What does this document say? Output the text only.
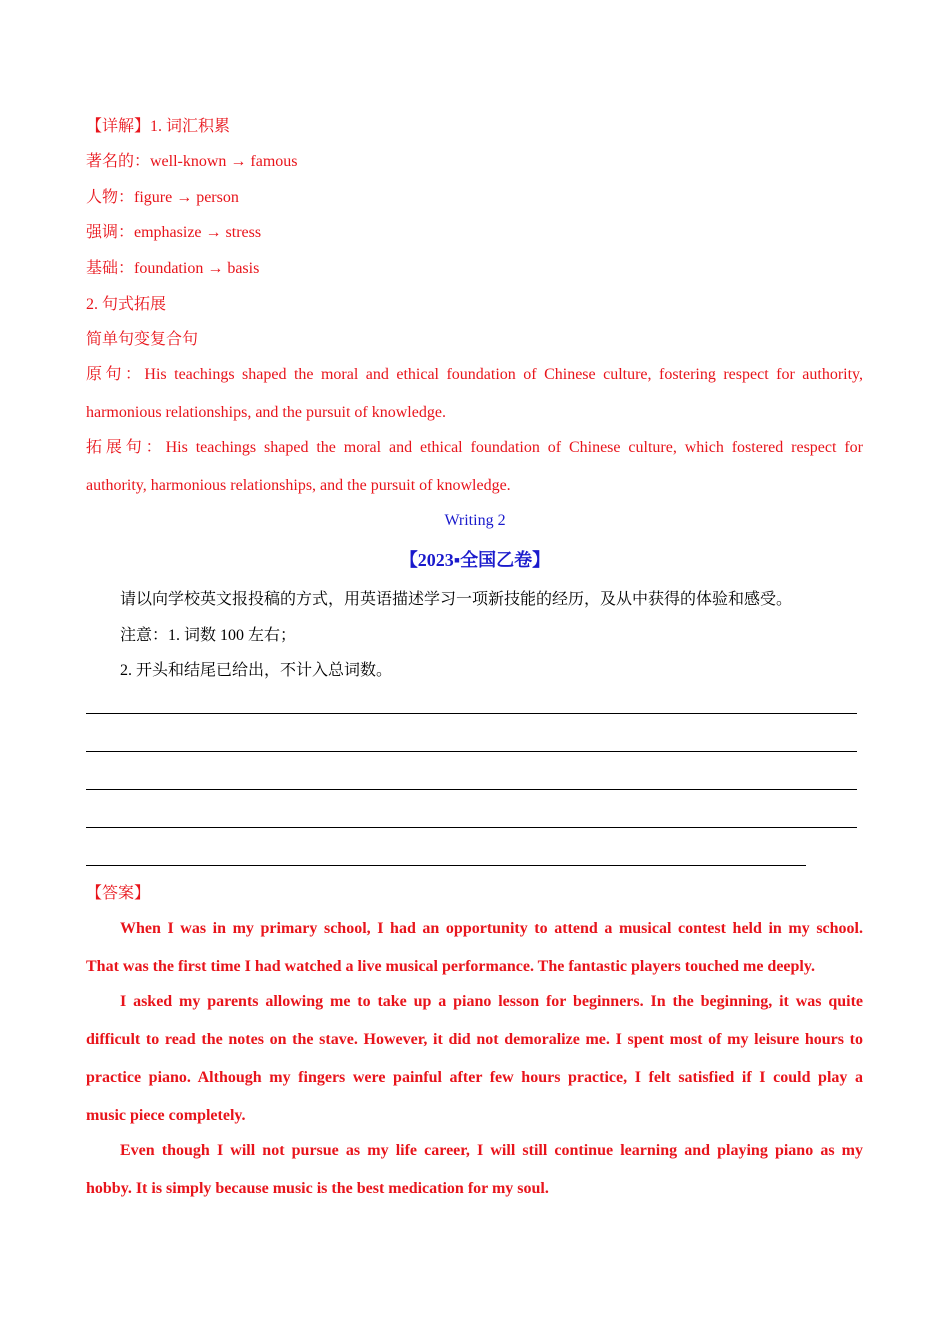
【详解】1. 词汇积累
著名的：well-known → famous
人物：figure → person
强调：emphasize → stress
基础：foundation → basis
2. 句式拓展
简单句变复合句
原句：His teachings shaped the moral and ethical foundation of Chinese culture, fostering respect for authority,
harmonious relationships, and the pursuit of knowledge.
拓展句：His teachings shaped the moral and ethical foundation of Chinese culture, which fostered respect for
authority, harmonious relationships, and the pursuit of knowledge.
Writing 2
【2023▪全国乙卷】
请以向学校英文报投稿的方式，用英语描述学习一项新技能的经历，及从中获得的体验和感受。
注意：1. 词数 100 左右；
2. 开头和结尾已给出，不计入总词数。
【答案】
When I was in my primary school, I had an opportunity to attend a musical contest held in my school.
That was the first time I had watched a live musical performance. The fantastic players touched me deeply.
I asked my parents allowing me to take up a piano lesson for beginners. In the beginning, it was quite
difficult to read the notes on the stave. However, it did not demoralize me. I spent most of my leisure hours to
practice piano. Although my fingers were painful after few hours practice, I felt satisfied if I could play a
music piece completely.
Even though I will not pursue as my life career, I will still continue learning and playing piano as my
hobby. It is simply because music is the best medication for my soul.
